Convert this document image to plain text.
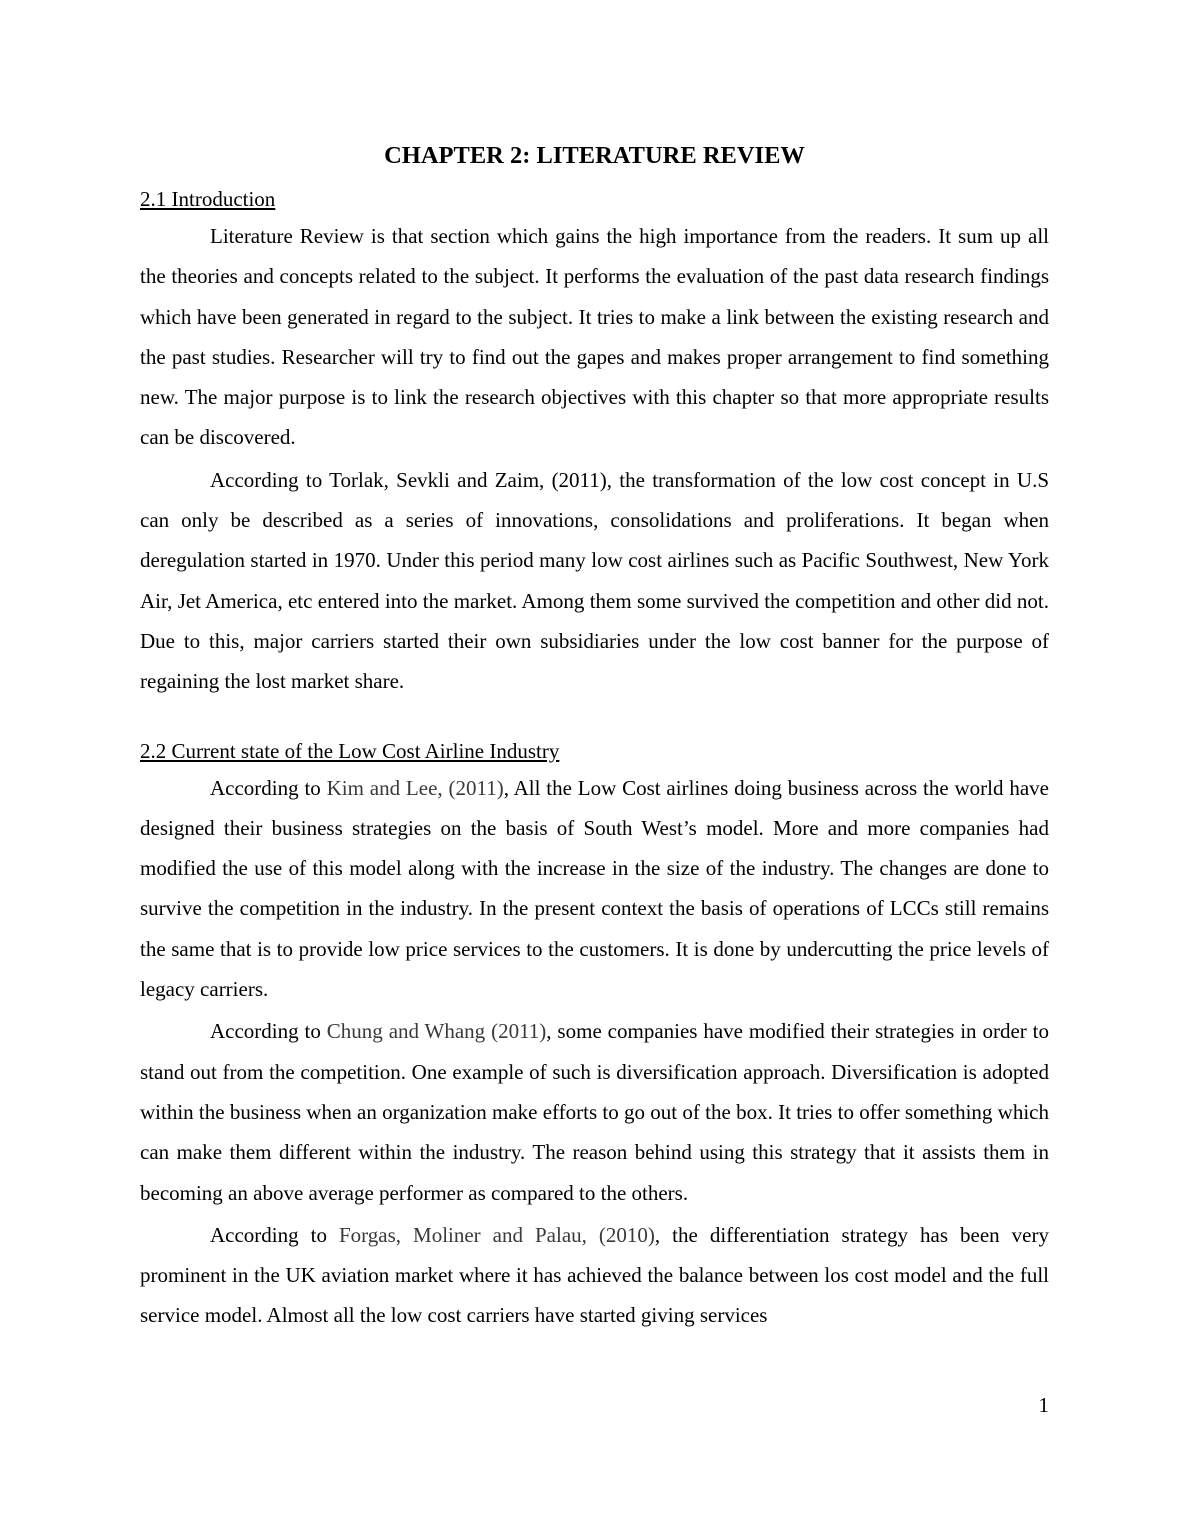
CHAPTER 2: LITERATURE REVIEW
2.1 Introduction

Literature Review is that section which gains the high importance from the readers. It sum up all the theories and concepts related to the subject. It performs the evaluation of the past data research findings which have been generated in regard to the subject. It tries to make a link between the existing research and the past studies. Researcher will try to find out the gapes and makes proper arrangement to find something new. The major purpose is to link the research objectives with this chapter so that more appropriate results can be discovered.

According to Torlak, Sevkli and Zaim, (2011), the transformation of the low cost concept in U.S can only be described as a series of innovations, consolidations and proliferations. It began when deregulation started in 1970. Under this period many low cost airlines such as Pacific Southwest, New York Air, Jet America, etc entered into the market. Among them some survived the competition and other did not. Due to this, major carriers started their own subsidiaries under the low cost banner for the purpose of regaining the lost market share.

2.2 Current state of the Low Cost Airline Industry

According to Kim and Lee, (2011), All the Low Cost airlines doing business across the world have designed their business strategies on the basis of South West’s model. More and more companies had modified the use of this model along with the increase in the size of the industry. The changes are done to survive the competition in the industry. In the present context the basis of operations of LCCs still remains the same that is to provide low price services to the customers. It is done by undercutting the price levels of legacy carriers.

According to Chung and Whang (2011), some companies have modified their strategies in order to stand out from the competition. One example of such is diversification approach. Diversification is adopted within the business when an organization make efforts to go out of the box. It tries to offer something which can make them different within the industry. The reason behind using this strategy that it assists them in becoming an above average performer as compared to the others.

According to Forgas, Moliner and Palau, (2010), the differentiation strategy has been very prominent in the UK aviation market where it has achieved the balance between los cost model and the full service model. Almost all the low cost carriers have started giving services

1
